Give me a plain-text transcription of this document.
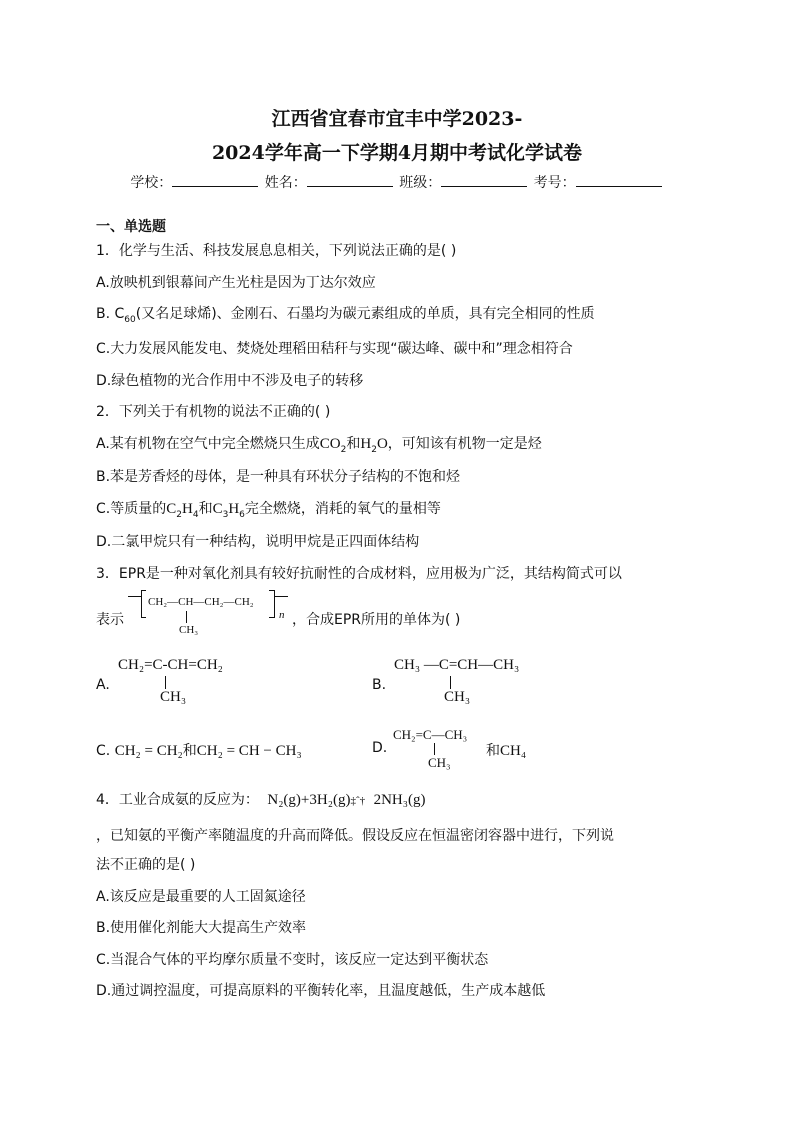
江西省宜春市宜丰中学2023-
2024学年高一下学期4月期中考试化学试卷
学校：	姓名：	班级：	考号：
一、单选题
1．化学与生活、科技发展息息相关，下列说法正确的是( )
A.放映机到银幕间产生光柱是因为丁达尔效应
B. $C_{60}$(又名足球烯)、金刚石、石墨均为碳元素组成的单质，具有完全相同的性质
C.大力发展风能发电、焚烧处理稻田秸秆与实现“碳达峰、碳中和”理念相符合
D.绿色植物的光合作用中不涉及电子的转移
2．下列关于有机物的说法不正确的( )
A.某有机物在空气中完全燃烧只生成$CO_2$和$H_2O$，可知该有机物一定是烃
B.苯是芳香烃的母体，是一种具有环状分子结构的不饱和烃
C.等质量的$C_2H_4$和$C_3H_6$完全燃烧，消耗的氧气的量相等
D.二氯甲烷只有一种结构，说明甲烷是正四面体结构
3．EPR是一种对氧化剂具有较好抗耐性的合成材料，应用极为广泛，其结构简式可以
表示
CH₂—CH—CH₂—CH₂
CH₃
n ，合成EPR所用的单体为( )
A.
CH₂=C-CH=CH₂
CH₃
B.
CH₃ —C=CH—CH₃
CH₃
C. CH₂ = CH₂和CH₂ = CH − CH₃	D.
CH₂=C—CH₃
CH₃
和CH₄
4．工业合成氨的反应为： N₂(g)+3H₂(g)‡ˆ† 2NH₃(g)
，已知氨的平衡产率随温度的升高而降低。假设反应在恒温密闭容器中进行，下列说
法不正确的是( )
A.该反应是最重要的人工固氮途径
B.使用催化剂能大大提高生产效率
C.当混合气体的平均摩尔质量不变时，该反应一定达到平衡状态
D.通过调控温度，可提高原料的平衡转化率，且温度越低，生产成本越低
